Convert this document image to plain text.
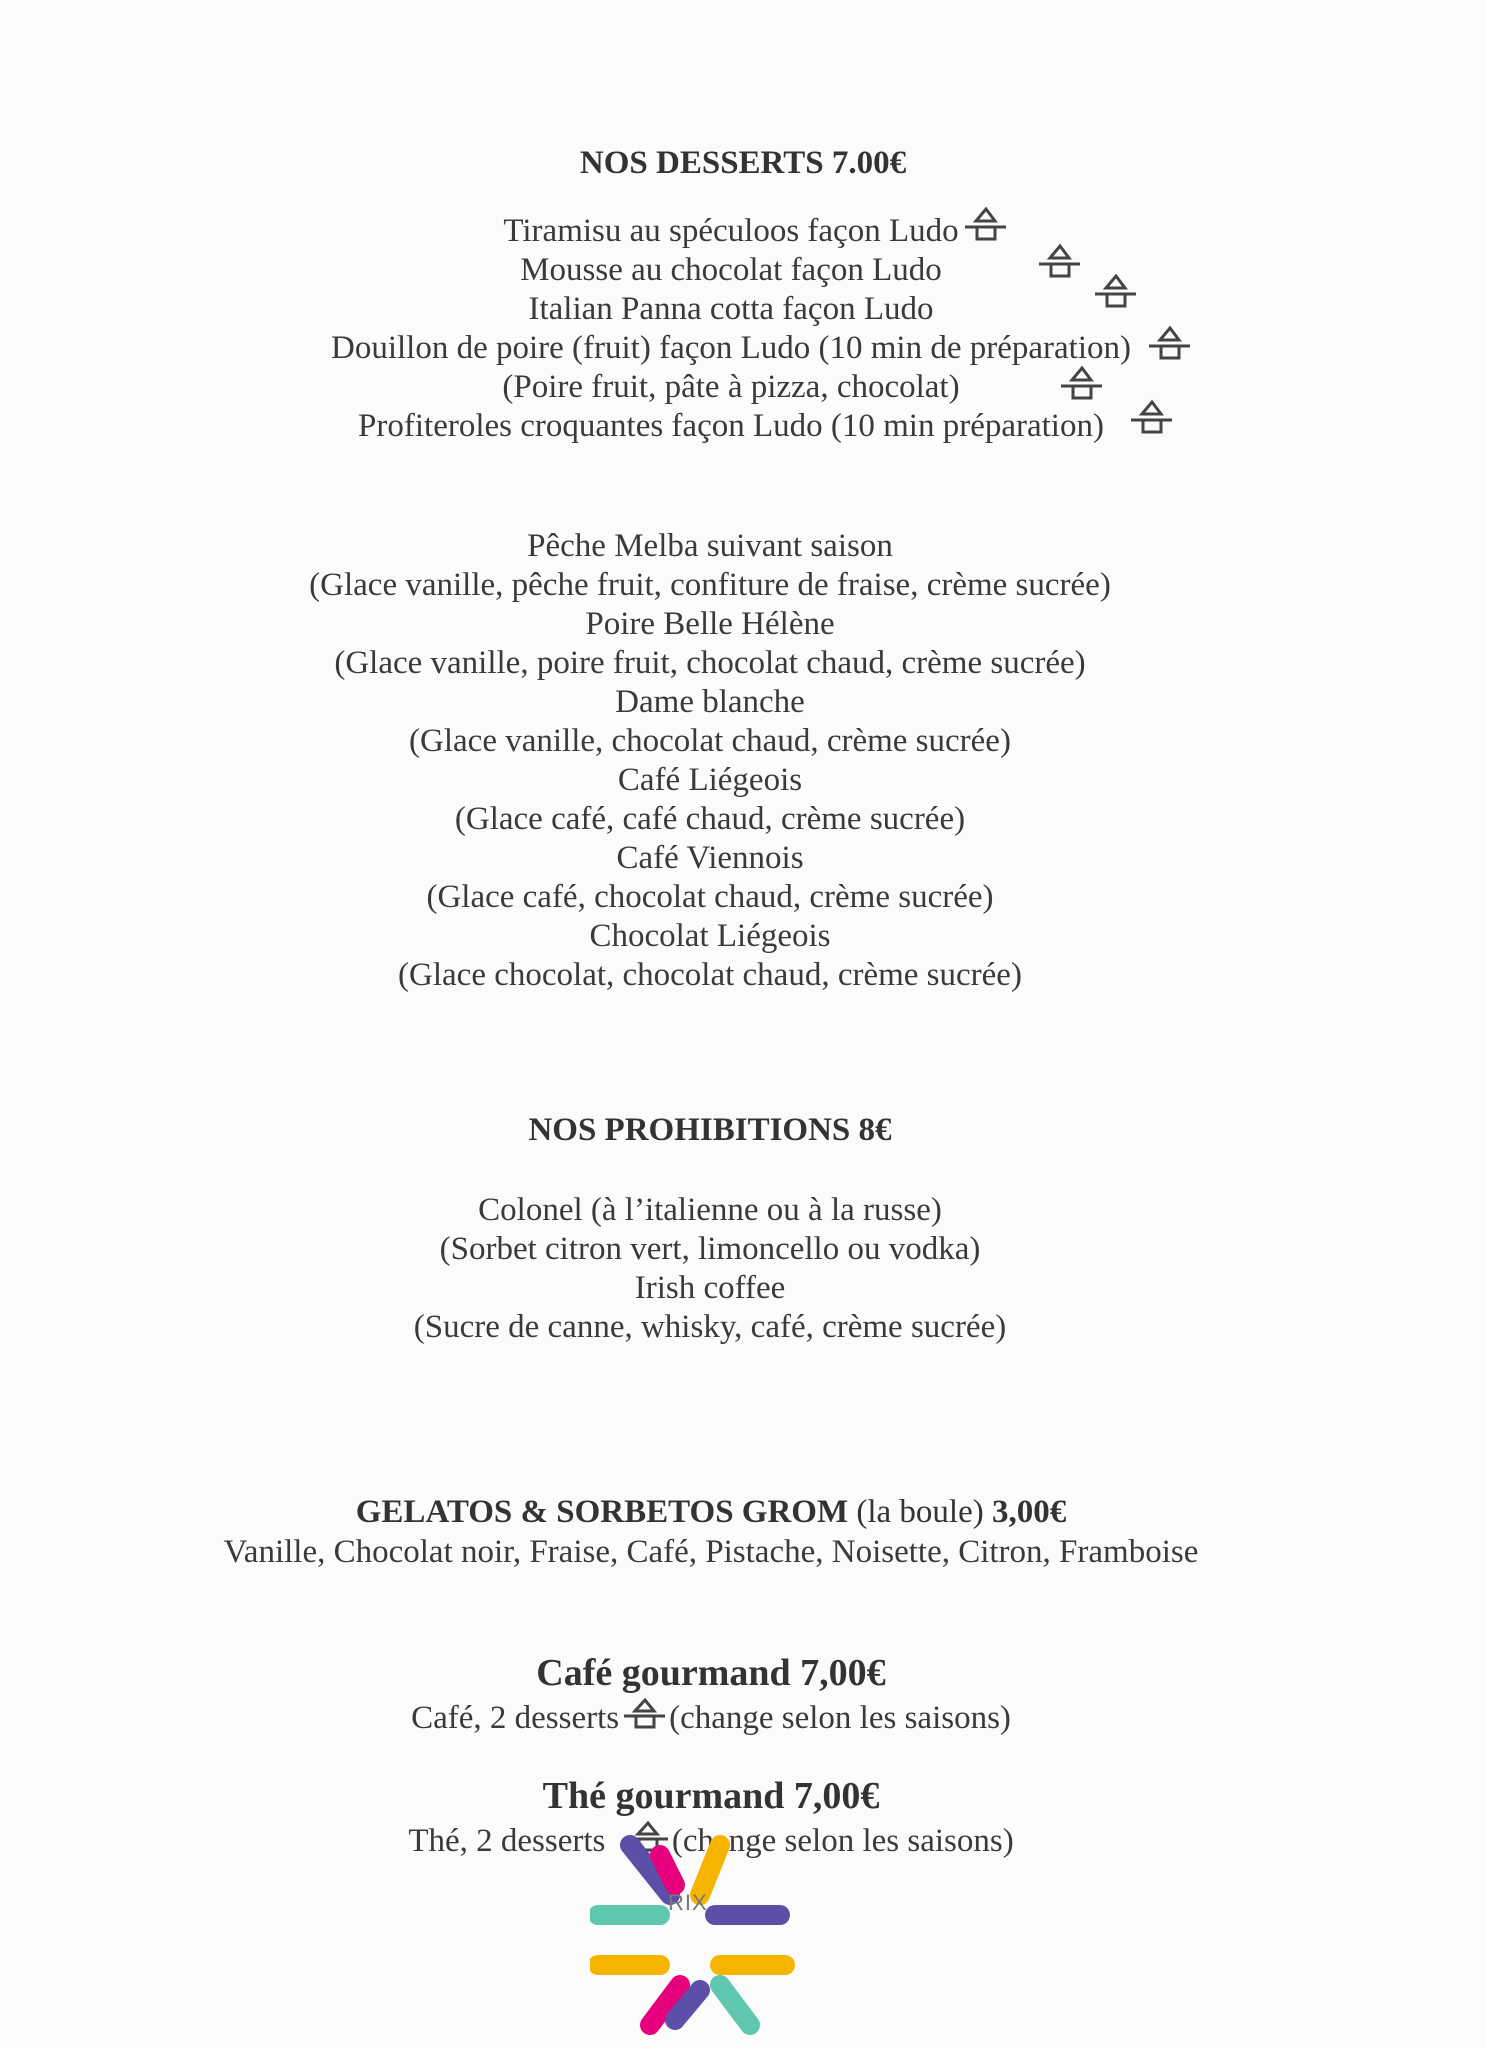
NOS DESSERTS 7.00€
Tiramisu au spéculoos façon Ludo
Mousse au chocolat façon Ludo
Italian Panna cotta façon Ludo
Douillon de poire (fruit) façon Ludo (10 min de préparation)
(Poire fruit, pâte à pizza, chocolat)
Profiteroles croquantes façon Ludo (10 min préparation)
Pêche Melba suivant saison
(Glace vanille, pêche fruit, confiture de fraise, crème sucrée)
Poire Belle Hélène
(Glace vanille, poire fruit, chocolat chaud, crème sucrée)
Dame blanche
(Glace vanille, chocolat chaud, crème sucrée)
Café Liégeois
(Glace café, café chaud, crème sucrée)
Café Viennois
(Glace café, chocolat chaud, crème sucrée)
Chocolat Liégeois
(Glace chocolat, chocolat chaud, crème sucrée)
NOS PROHIBITIONS 8€
Colonel (à l’italienne ou à la russe)
(Sorbet citron vert, limoncello ou vodka)
Irish coffee
(Sucre de canne, whisky, café, crème sucrée)
GELATOS & SORBETOS GROM (la boule) 3,00€
Vanille, Chocolat noir, Fraise, Café, Pistache, Noisette, Citron, Framboise
Café gourmand 7,00€
Café, 2 desserts (change selon les saisons)
Thé gourmand 7,00€
Thé, 2 desserts (change selon les saisons)
RIX
